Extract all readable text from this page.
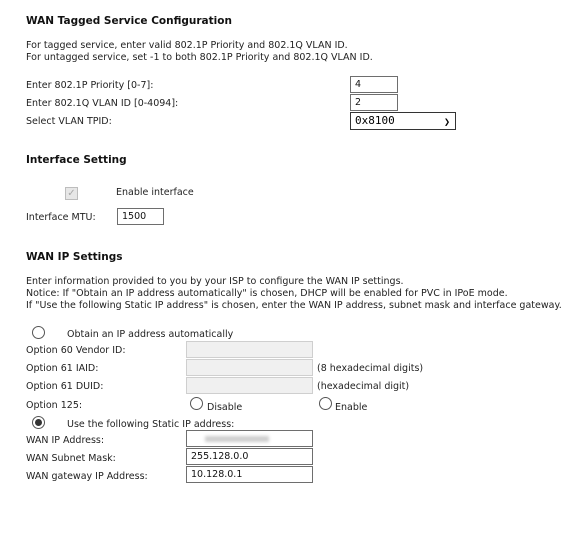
WAN Tagged Service Configuration
For tagged service, enter valid 802.1P Priority and 802.1Q VLAN ID.
For untagged service, set -1 to both 802.1P Priority and 802.1Q VLAN ID.
Enter 802.1P Priority [0-7]:
4
Enter 802.1Q VLAN ID [0-4094]:
2
Select VLAN TPID:	0x8100	❯
Interface Setting
✓	Enable interface
Interface MTU:
1500
WAN IP Settings
Enter information provided to you by your ISP to configure the WAN IP settings.
Notice: If "Obtain an IP address automatically" is chosen, DHCP will be enabled for PVC in IPoE mode.
If "Use the following Static IP address" is chosen, enter the WAN IP address, subnet mask and interface gateway.
Obtain an IP address automatically
Option 60 Vendor ID:
Option 61 IAID:	(8 hexadecimal digits)
Option 61 DUID:	(hexadecimal digit)
Option 125:	Disable	Enable
Use the following Static IP address:
WAN IP Address:
WAN Subnet Mask:
255.128.0.0
WAN gateway IP Address:
10.128.0.1
